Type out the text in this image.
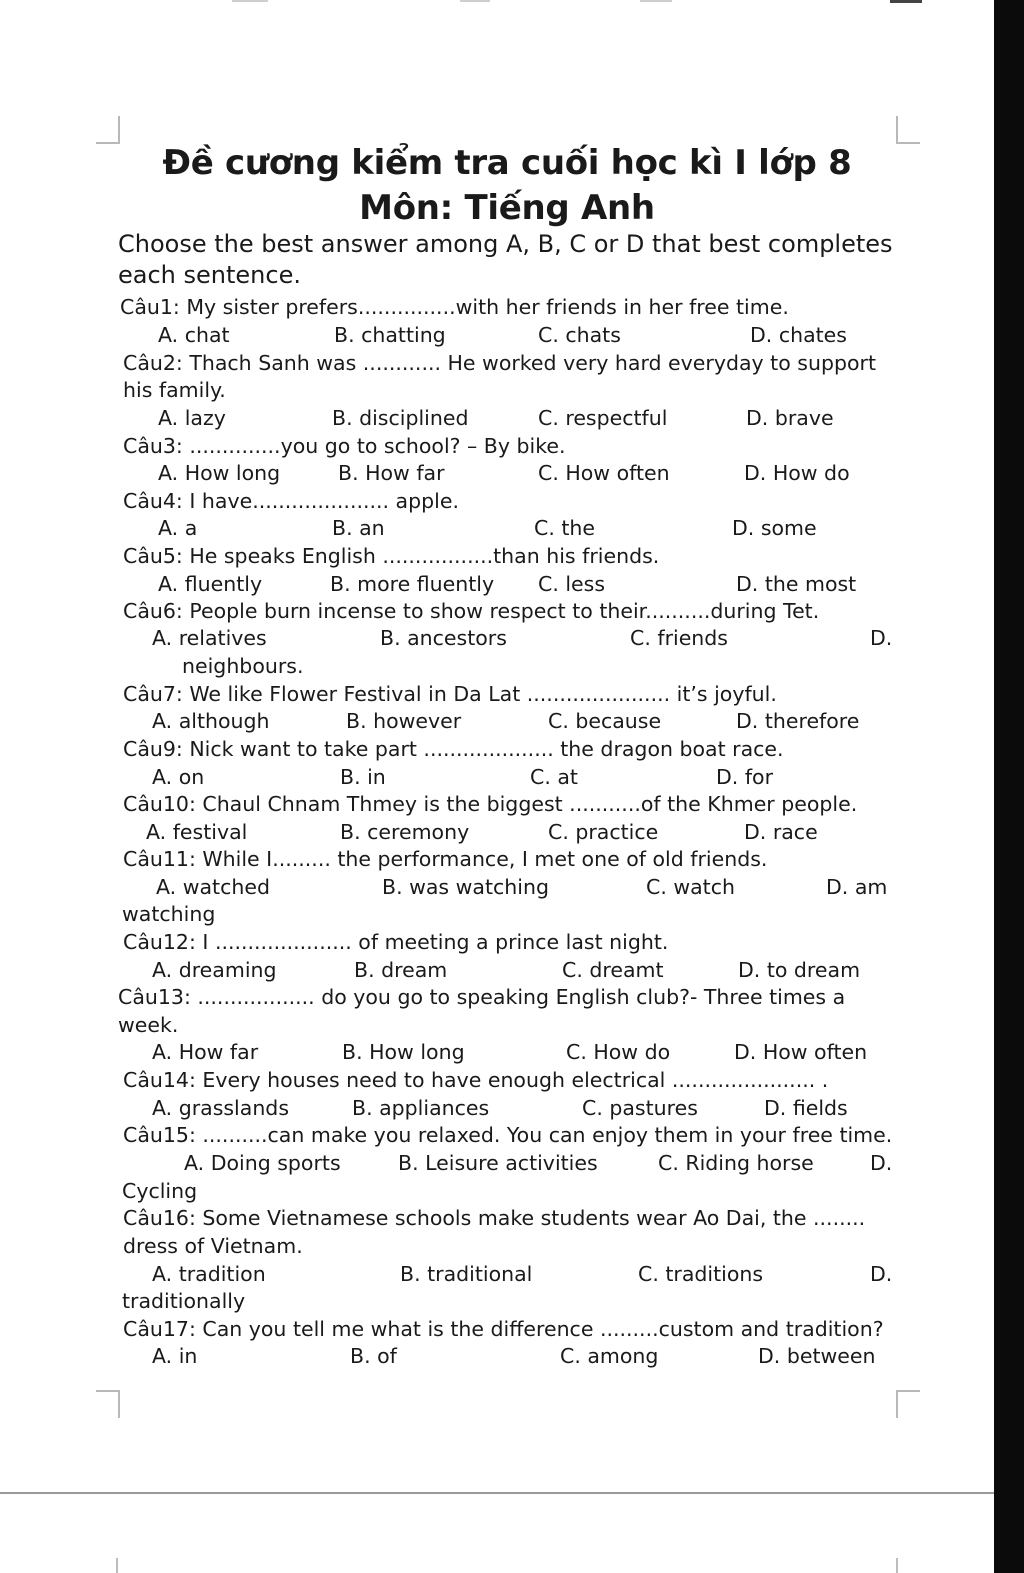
Đề cương kiểm tra cuối học kì I lớp 8
Môn: Tiếng Anh
Choose the best answer among A, B, C or D that best completes each sentence.
Câu1: My sister prefers...............with her friends in her free time.
A. chat	B. chatting	C. chats	D. chates
Câu2: Thach Sanh was ............ He worked very hard everyday to support
his family.
A. lazy	B. disciplined	C. respectful	D. brave
Câu3: ..............you go to school? – By bike.
A. How long	B. How far	C. How often	D. How do
Câu4: I have..................... apple.
A. a	B. an	C. the	D. some
Câu5: He speaks English .................than his friends.
A. fluently	B. more fluently C. less	D. the most
Câu6: People burn incense to show respect to their..........during Tet.
A. relatives	B. ancestors	C. friends	D.
neighbours.
Câu7: We like Flower Festival in Da Lat ...................... it’s joyful.
A. although	B. however	C. because	D. therefore
Câu9: Nick want to take part .................... the dragon boat race.
A. on	B. in	C. at	D. for
Câu10: Chaul Chnam Thmey is the biggest ...........of the Khmer people.
A. festival	B. ceremony	C. practice	D. race
Câu11: While I......... the performance, I met one of old friends.
A. watched	B. was watching	C. watch	D. am
watching
Câu12: I ..................... of meeting a prince last night.
A. dreaming	B. dream	C. dreamt	D. to dream
Câu13: .................. do you go to speaking English club?- Three times a
week.
A. How far	B. How long	C. How do	D. How often
Câu14: Every houses need to have enough electrical ...................... .
A. grasslands	B. appliances	C. pastures	D. fields
Câu15: ..........can make you relaxed. You can enjoy them in your free time.
A. Doing sports	B. Leisure activities	C. Riding horse	D.
Cycling
Câu16: Some Vietnamese schools make students wear Ao Dai, the ........
dress of Vietnam.
A. tradition	B. traditional	C. traditions	D.
traditionally
Câu17: Can you tell me what is the difference .........custom and tradition?
A. in	B. of	C. among	D. between
